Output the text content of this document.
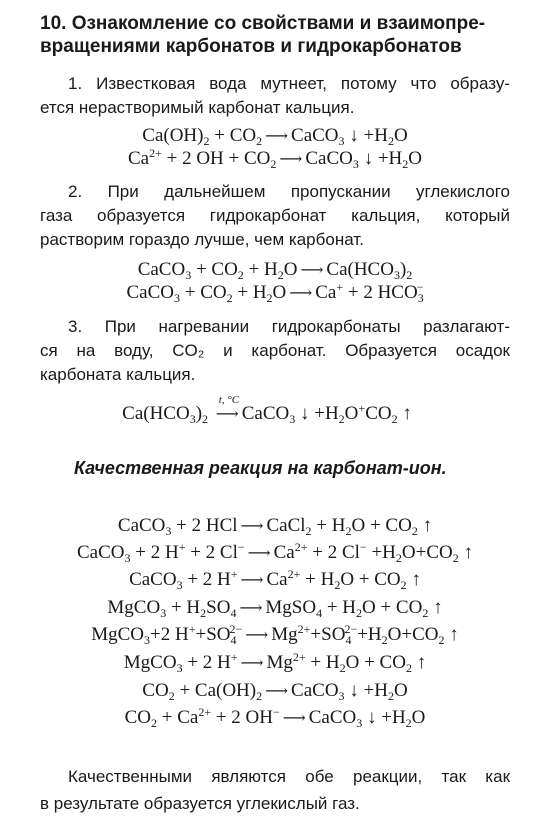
10. Ознакомление со свойствами и взаимопре-
вращениями карбонатов и гидрокарбонатов
1. Известковая вода мутнеет, потому что образу-
ется нерастворимый карбонат кальция.
$Ca(OH)_2 + CO_2$ ⟶ CaCO$_3$ ↓ $+H_2O$
$Ca^{2+} + 2$ OH + $CO_2$ ⟶ CaCO$_3$ ↓ $+H_2O$
2. При дальнейшем пропускании углекислого
газа образуется гидрокарбонат кальция, который
растворим гораздо лучше, чем карбонат.
CaCO$_3$ + $CO_2 + H_2O$ ⟶ $Ca(HCO_3)_2$
CaCO$_3$ + $CO_2 + H_2O$ ⟶ Ca+ + 2 $HCO_3^-$
3. При нагревании гидрокарбонаты разлагают-
ся на воду, CO₂ и карбонат. Образуется осадок
карбоната кальция.
$Ca(HCO_3)_2$
t, °C
⟶ CaCO$_3$ ↓ $+H_2O^+CO_2$ ↑
Качественная реакция на карбонат-ион.
CaCO$_3$ + 2 HCl ⟶ CaCl$_2$ + $H_2O + CO_2$ ↑
CaCO$_3$ + 2 H+ + 2 Cl− ⟶ $Ca^{2+} + 2$ $Cl^- +H_2O+CO_2$ ↑
CaCO$_3$ + 2 H+ ⟶ $Ca^{2+} + H_2O + CO_2$ ↑
MgCO$_3$ + $H_2SO_4$ ⟶ MgSO$_4$ + $H_2O + CO_2$ ↑
MgCO$_3$+2 $H^++SO_4^{2-}$ ⟶ $Mg^{2+}+SO_4^{2-}+H_2O+CO_2$ ↑
MgCO$_3$ + 2 H+ ⟶ $Mg^{2+} + H_2O + CO_2$ ↑
$CO_2 + Ca(OH)_2$ ⟶ CaCO$_3$ ↓ $+H_2O$
$CO_2 + Ca^{2+} + 2$ OH− ⟶ CaCO$_3$ ↓ $+H_2O$
Качественными являются обе реакции, так как
в результате образуется углекислый газ.
